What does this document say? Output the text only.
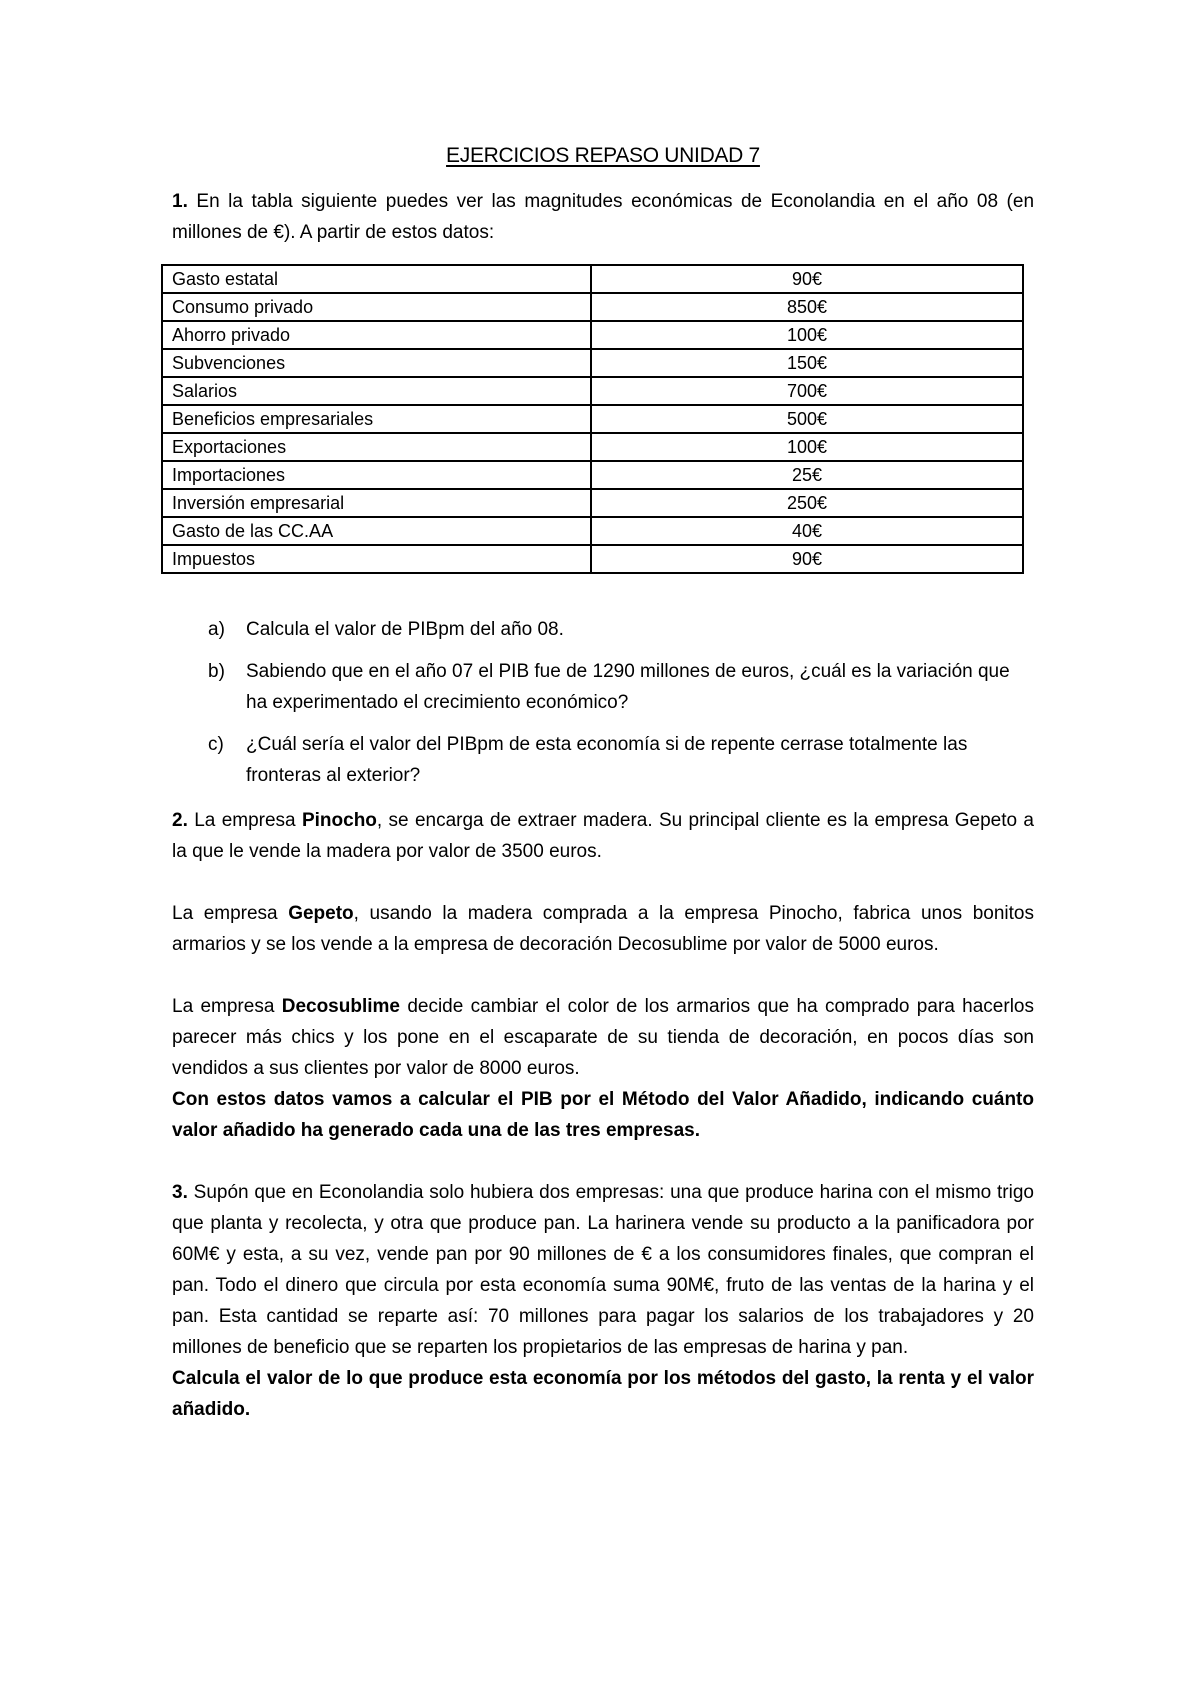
EJERCICIOS REPASO UNIDAD 7

1. En la tabla siguiente puedes ver las magnitudes económicas de Econolandia en el año 08 (en millones de €). A partir de estos datos:

Gasto estatal	90€
Consumo privado	850€
Ahorro privado	100€
Subvenciones	150€
Salarios	700€
Beneficios empresariales	500€
Exportaciones	100€
Importaciones	25€
Inversión empresarial	250€
Gasto de las CC.AA	40€
Impuestos	90€
a) Calcula el valor de PIBpm del año 08.
b) Sabiendo que en el año 07 el PIB fue de 1290 millones de euros, ¿cuál es la variación que ha experimentado el crecimiento económico?
c) ¿Cuál sería el valor del PIBpm de esta economía si de repente cerrase totalmente las fronteras al exterior?

2. La empresa Pinocho, se encarga de extraer madera. Su principal cliente es la empresa Gepeto a la que le vende la madera por valor de 3500 euros.

La empresa Gepeto, usando la madera comprada a la empresa Pinocho, fabrica unos bonitos armarios y se los vende a la empresa de decoración Decosublime por valor de 5000 euros.

La empresa Decosublime decide cambiar el color de los armarios que ha comprado para hacerlos parecer más chics y los pone en el escaparate de su tienda de decoración, en pocos días son vendidos a sus clientes por valor de 8000 euros.

Con estos datos vamos a calcular el PIB por el Método del Valor Añadido, indicando cuánto valor añadido ha generado cada una de las tres empresas.

3. Supón que en Econolandia solo hubiera dos empresas: una que produce harina con el mismo trigo que planta y recolecta, y otra que produce pan. La harinera vende su producto a la panificadora por 60M€ y esta, a su vez, vende pan por 90 millones de € a los consumidores finales, que compran el pan. Todo el dinero que circula por esta economía suma 90M€, fruto de las ventas de la harina y el pan. Esta cantidad se reparte así: 70 millones para pagar los salarios de los trabajadores y 20 millones de beneficio que se reparten los propietarios de las empresas de harina y pan.

Calcula el valor de lo que produce esta economía por los métodos del gasto, la renta y el valor añadido.
